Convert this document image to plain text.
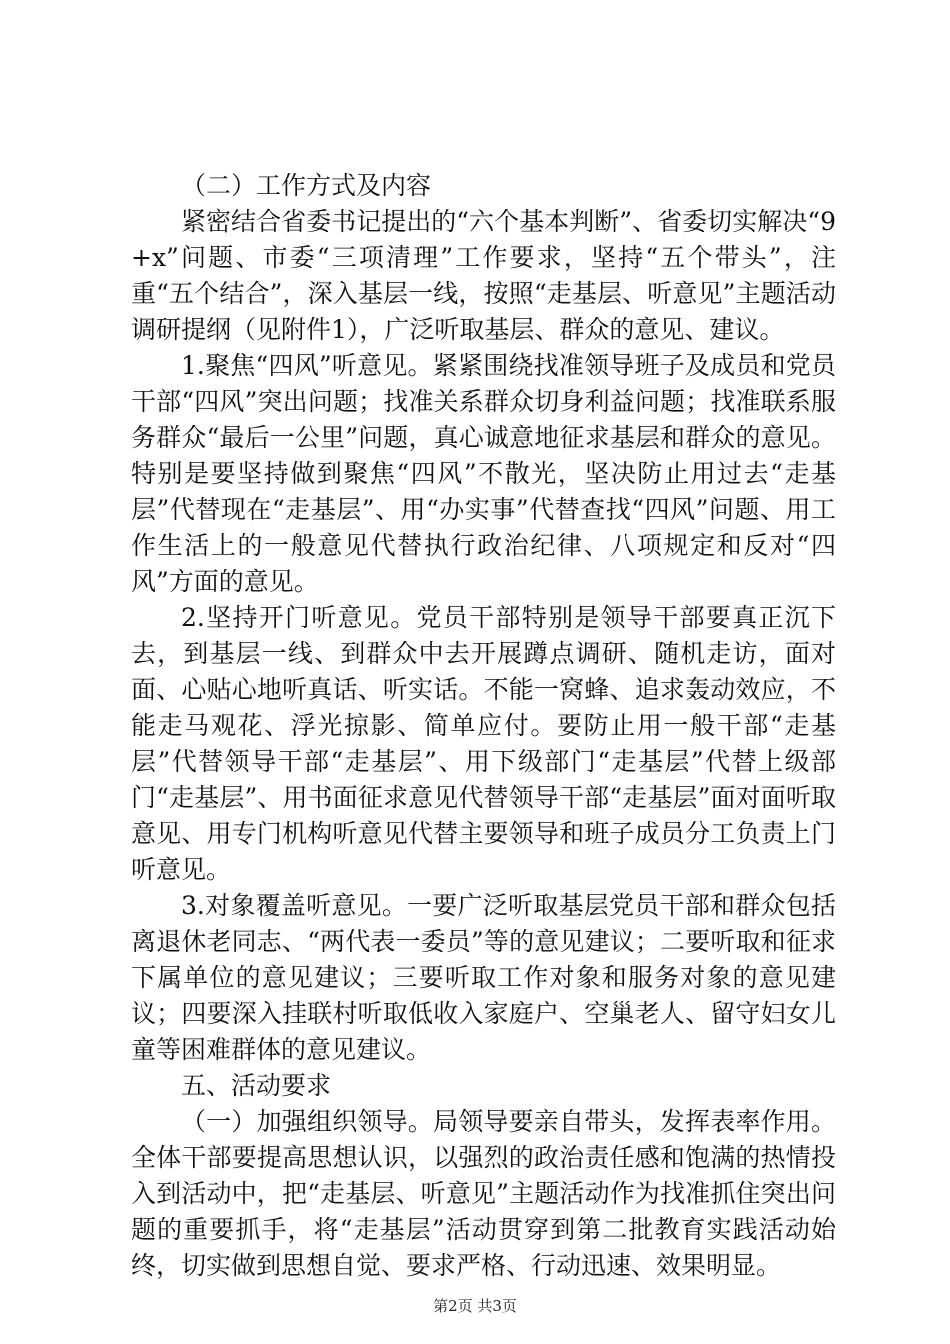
（二）工作方式及内容

紧密结合省委书记提出的“六个基本判断”、省委切实解决“9+x”问题、市委“三项清理”工作要求，坚持“五个带头”，注重“五个结合”，深入基层一线，按照“走基层、听意见”主题活动调研提纲（见附件1），广泛听取基层、群众的意见、建议。

1.聚焦“四风”听意见。紧紧围绕找准领导班子及成员和党员干部“四风”突出问题；找准关系群众切身利益问题；找准联系服务群众“最后一公里”问题，真心诚意地征求基层和群众的意见。特别是要坚持做到聚焦“四风”不散光，坚决防止用过去“走基层”代替现在“走基层”、用“办实事”代替查找“四风”问题、用工作生活上的一般意见代替执行政治纪律、八项规定和反对“四风”方面的意见。

2.坚持开门听意见。党员干部特别是领导干部要真正沉下去，到基层一线、到群众中去开展蹲点调研、随机走访，面对面、心贴心地听真话、听实话。不能一窝蜂、追求轰动效应，不能走马观花、浮光掠影、简单应付。要防止用一般干部“走基层”代替领导干部“走基层”、用下级部门“走基层”代替上级部门“走基层”、用书面征求意见代替领导干部“走基层”面对面听取意见、用专门机构听意见代替主要领导和班子成员分工负责上门听意见。

3.对象覆盖听意见。一要广泛听取基层党员干部和群众包括离退休老同志、“两代表一委员”等的意见建议；二要听取和征求下属单位的意见建议；三要听取工作对象和服务对象的意见建议；四要深入挂联村听取低收入家庭户、空巢老人、留守妇女儿童等困难群体的意见建议。

五、活动要求

（一）加强组织领导。局领导要亲自带头，发挥表率作用。全体干部要提高思想认识，以强烈的政治责任感和饱满的热情投入到活动中，把“走基层、听意见”主题活动作为找准抓住突出问题的重要抓手，将“走基层”活动贯穿到第二批教育实践活动始终，切实做到思想自觉、要求严格、行动迅速、效果明显。

第2页 共3页
